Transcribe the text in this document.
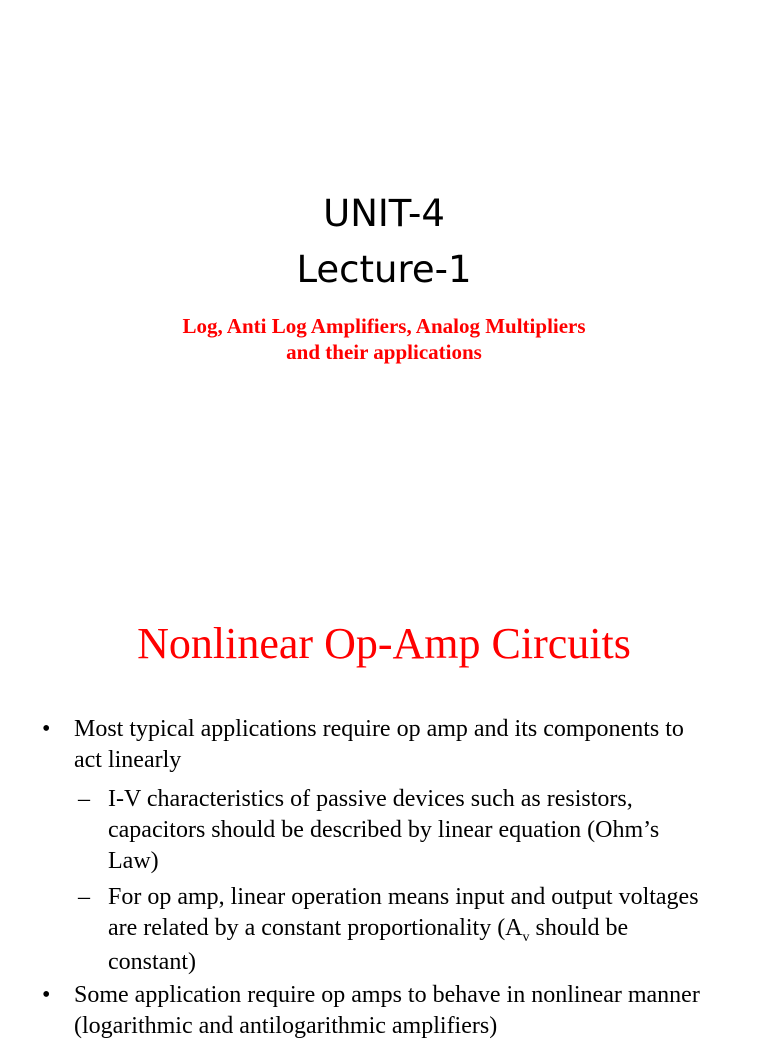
UNIT-4
Lecture-1
Log, Anti Log Amplifiers, Analog Multipliers
and their applications
Nonlinear Op-Amp Circuits
• Most typical applications require op amp and its components to act linearly
– I-V characteristics of passive devices such as resistors, capacitors should be described by linear equation (Ohm’s Law)
– For op amp, linear operation means input and output voltages are related by a constant proportionality ($A_v$ should be constant)
• Some application require op amps to behave in nonlinear manner (logarithmic and antilogarithmic amplifiers)
